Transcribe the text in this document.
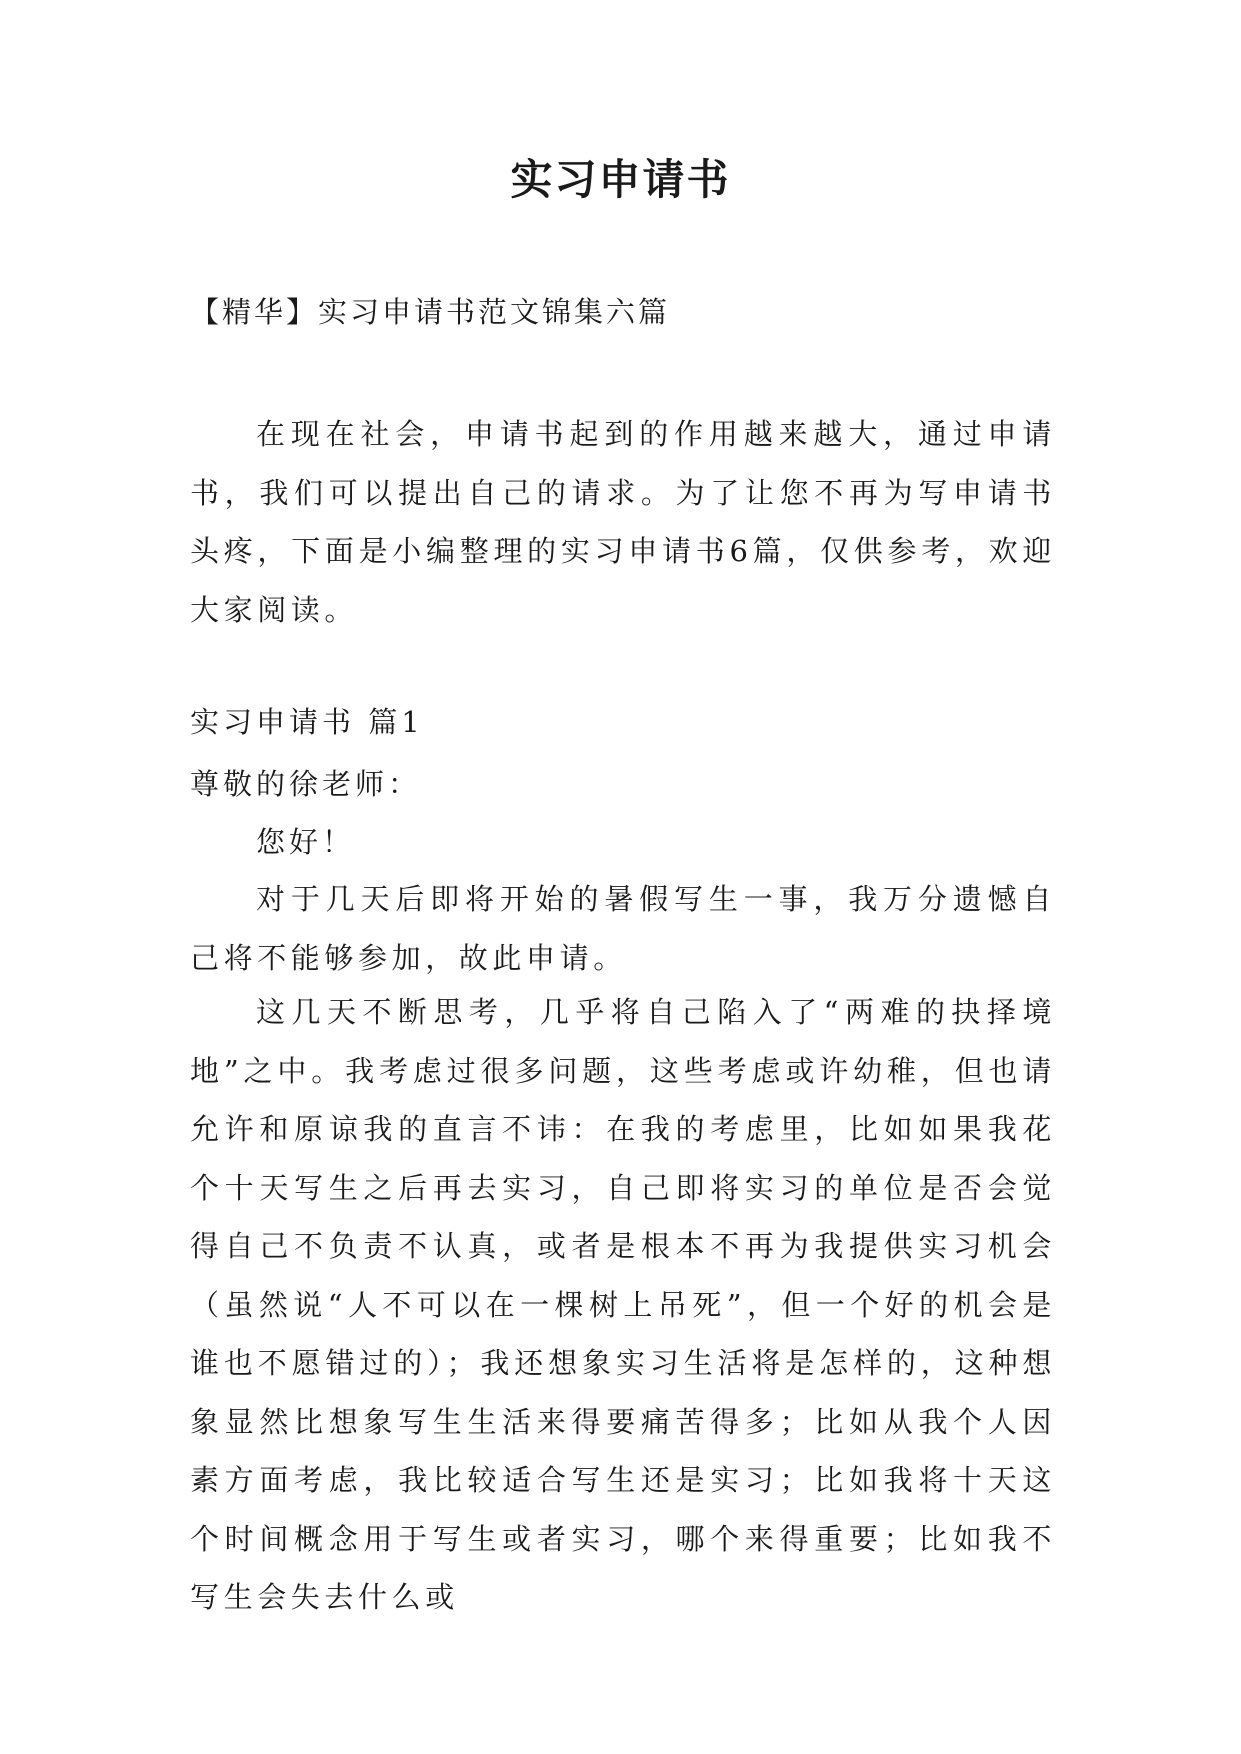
实习申请书
【精华】实习申请书范文锦集六篇

在现在社会，申请书起到的作用越来越大，通过申请书，我们可以提出自己的请求。为了让您不再为写申请书头疼，下面是小编整理的实习申请书6篇，仅供参考，欢迎大家阅读。

实习申请书 篇1
尊敬的徐老师：
您好！

对于几天后即将开始的暑假写生一事，我万分遗憾自己将不能够参加，故此申请。

这几天不断思考，几乎将自己陷入了“两难的抉择境地”之中。我考虑过很多问题，这些考虑或许幼稚，但也请允许和原谅我的直言不讳：在我的考虑里，比如如果我花个十天写生之后再去实习，自己即将实习的单位是否会觉得自己不负责不认真，或者是根本不再为我提供实习机会（虽然说“人不可以在一棵树上吊死”，但一个好的机会是谁也不愿错过的）；我还想象实习生活将是怎样的，这种想象显然比想象写生生活来得要痛苦得多；比如从我个人因素方面考虑，我比较适合写生还是实习；比如我将十天这个时间概念用于写生或者实习，哪个来得重要；比如我不写生会失去什么或
